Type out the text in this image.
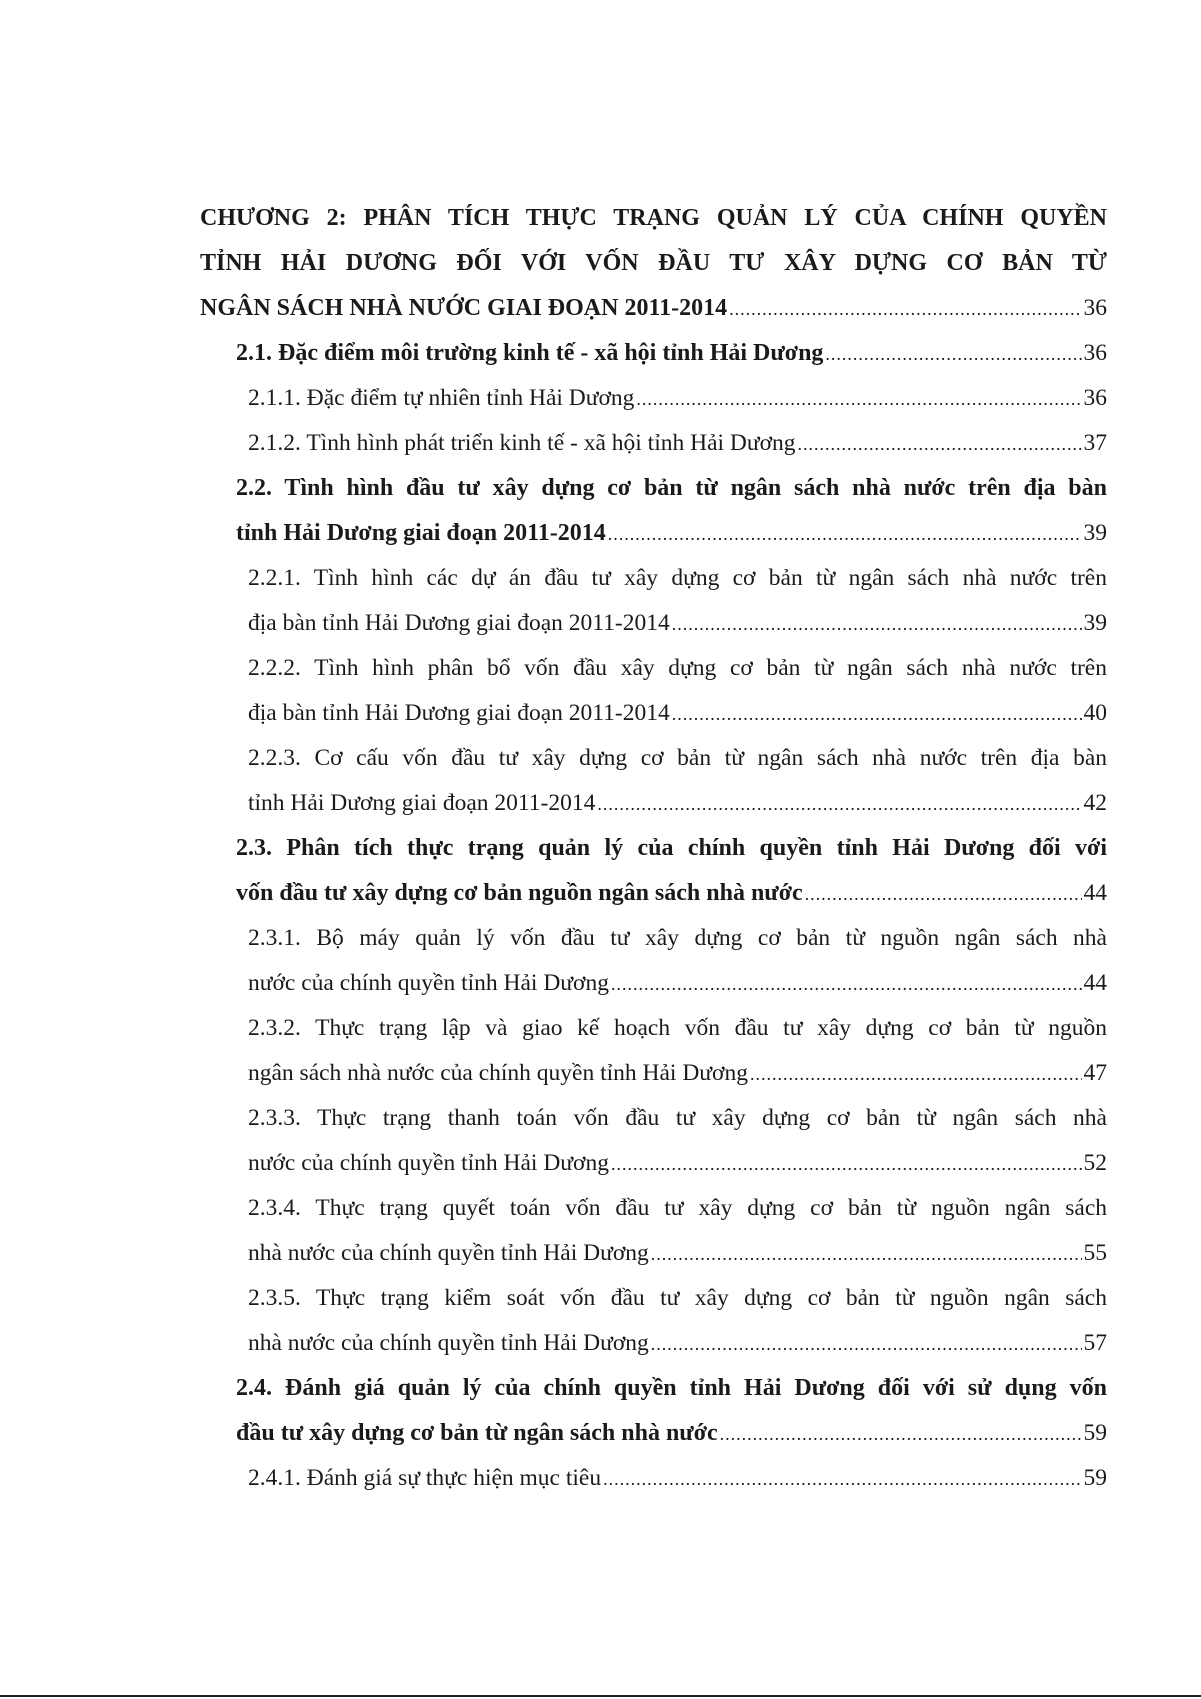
CHƯƠNG 2: PHÂN TÍCH THỰC TRẠNG QUẢN LÝ CỦA CHÍNH QUYỀN
TỈNH HẢI DƯƠNG ĐỐI VỚI VỐN ĐẦU TƯ XÂY DỰNG CƠ BẢN TỪ
NGÂN SÁCH NHÀ NƯỚC GIAI ĐOẠN 2011-2014 .....	36
2.1. Đặc điểm môi trường kinh tế - xã hội tỉnh Hải Dương .....	36
2.1.1. Đặc điểm tự nhiên tỉnh Hải Dương .....	36
2.1.2. Tình hình phát triển kinh tế - xã hội tỉnh Hải Dương .....	37
2.2. Tình hình đầu tư xây dựng cơ bản từ ngân sách nhà nước trên địa bàn
tỉnh Hải Dương giai đoạn 2011-2014 .....	39
2.2.1. Tình hình các dự án đầu tư xây dựng cơ bản từ ngân sách nhà nước trên
địa bàn tỉnh Hải Dương giai đoạn 2011-2014 .....	39
2.2.2. Tình hình phân bổ vốn đầu xây dựng cơ bản từ ngân sách nhà nước trên
địa bàn tỉnh Hải Dương giai đoạn 2011-2014 .....	40
2.2.3. Cơ cấu vốn đầu tư xây dựng cơ bản từ ngân sách nhà nước trên địa bàn
tỉnh Hải Dương giai đoạn 2011-2014 .....	42
2.3. Phân tích thực trạng quản lý của chính quyền tỉnh Hải Dương đối với
vốn đầu tư xây dựng cơ bản nguồn ngân sách nhà nước .....	44
2.3.1. Bộ máy quản lý vốn đầu tư xây dựng cơ bản từ nguồn ngân sách nhà
nước của chính quyền tỉnh Hải Dương .....	44
2.3.2. Thực trạng lập và giao kế hoạch vốn đầu tư xây dựng cơ bản từ nguồn
ngân sách nhà nước của chính quyền tỉnh Hải Dương .....	47
2.3.3. Thực trạng thanh toán vốn đầu tư xây dựng cơ bản từ ngân sách nhà
nước của chính quyền tỉnh Hải Dương .....	52
2.3.4. Thực trạng quyết toán vốn đầu tư xây dựng cơ bản từ nguồn ngân sách
nhà nước của chính quyền tỉnh Hải Dương .....	55
2.3.5. Thực trạng kiểm soát vốn đầu tư xây dựng cơ bản từ nguồn ngân sách
nhà nước của chính quyền tỉnh Hải Dương .....	57
2.4. Đánh giá quản lý của chính quyền tỉnh Hải Dương đối với sử dụng vốn
đầu tư xây dựng cơ bản từ ngân sách nhà nước .....	59
2.4.1. Đánh giá sự thực hiện mục tiêu .....	59
